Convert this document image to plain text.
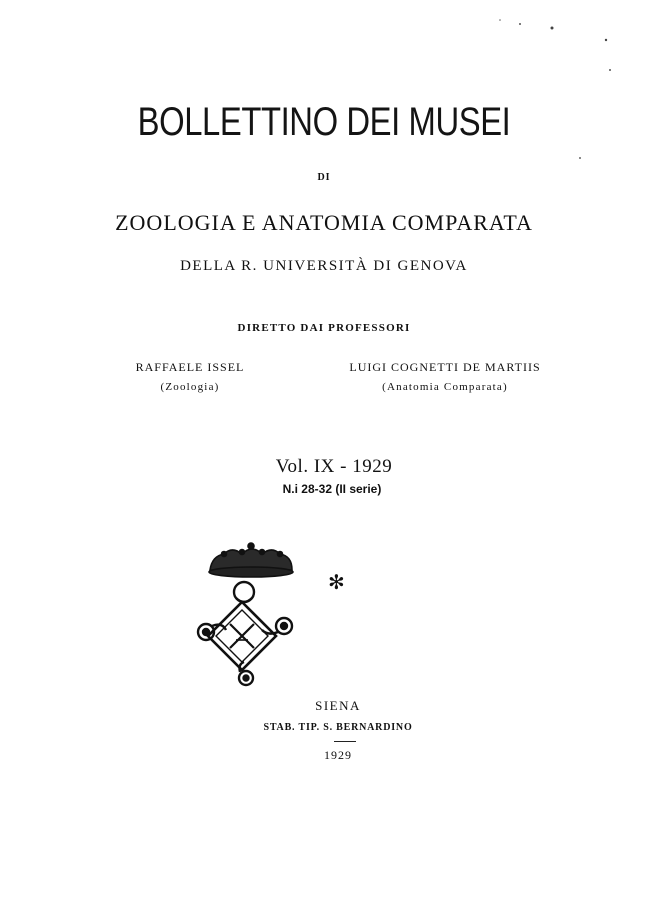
BOLLETTINO DEI MUSEI
DI
ZOOLOGIA E ANATOMIA COMPARATA
DELLA R. UNIVERSITÀ DI GENOVA
DIRETTO DAI PROFESSORI
RAFFAELE ISSEL
(Zoologia)
LUIGI COGNETTI DE MARTIIS
(Anatomia Comparata)
Vol. IX - 1929
N.i 28-32 (II serie)
✻
SIENA
STAB. TIP. S. BERNARDINO
1929
